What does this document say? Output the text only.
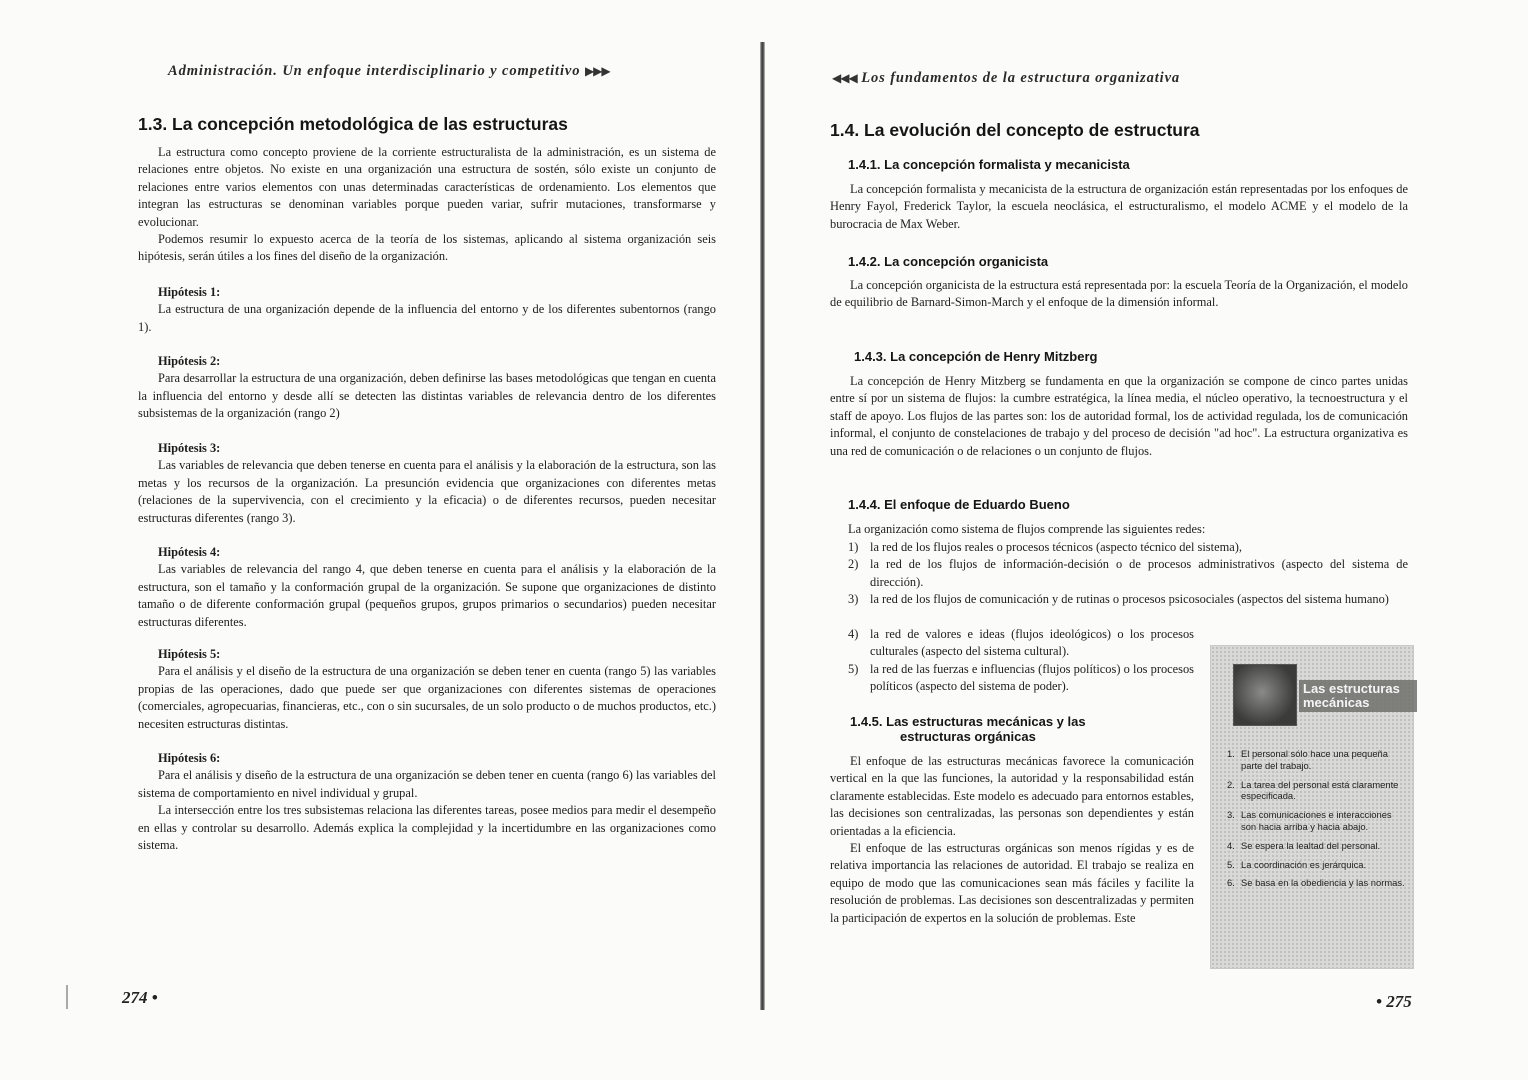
Administración. Un enfoque interdisciplinario y competitivo ▶▶▶
1.3. La concepción metodológica de las estructuras

La estructura como concepto proviene de la corriente estructuralista de la administración, es un sistema de relaciones entre objetos. No existe en una organización una estructura de sostén, sólo existe un conjunto de relaciones entre varios elementos con unas determinadas características de ordenamiento. Los elementos que integran las estructuras se denominan variables porque pueden variar, sufrir mutaciones, transformarse y evolucionar.

Podemos resumir lo expuesto acerca de la teoría de los sistemas, aplicando al sistema organización seis hipótesis, serán útiles a los fines del diseño de la organización.

Hipótesis 1:
La estructura de una organización depende de la influencia del entorno y de los diferentes subentornos (rango 1).
Hipótesis 2:
Para desarrollar la estructura de una organización, deben definirse las bases metodológicas que tengan en cuenta la influencia del entorno y desde allí se detecten las distintas variables de relevancia dentro de los diferentes subsistemas de la organización (rango 2)
Hipótesis 3:
Las variables de relevancia que deben tenerse en cuenta para el análisis y la elaboración de la estructura, son las metas y los recursos de la organización. La presunción evidencia que organizaciones con diferentes metas (relaciones de la supervivencia, con el crecimiento y la eficacia) o de diferentes recursos, pueden necesitar estructuras diferentes (rango 3).
Hipótesis 4:
Las variables de relevancia del rango 4, que deben tenerse en cuenta para el análisis y la elaboración de la estructura, son el tamaño y la conformación grupal de la organización. Se supone que organizaciones de distinto tamaño o de diferente conformación grupal (pequeños grupos, grupos primarios o secundarios) pueden necesitar estructuras diferentes.
Hipótesis 5:
Para el análisis y el diseño de la estructura de una organización se deben tener en cuenta (rango 5) las variables propias de las operaciones, dado que puede ser que organizaciones con diferentes sistemas de operaciones (comerciales, agropecuarias, financieras, etc., con o sin sucursales, de un solo producto o de muchos productos, etc.) necesiten estructuras distintas.
Hipótesis 6:
Para el análisis y diseño de la estructura de una organización se deben tener en cuenta (rango 6) las variables del sistema de comportamiento en nivel individual y grupal.

La intersección entre los tres subsistemas relaciona las diferentes tareas, posee medios para medir el desempeño en ellas y controlar su desarrollo. Además explica la complejidad y la incertidumbre en las organizaciones como sistema.

274 •
◀◀◀ Los fundamentos de la estructura organizativa
1.4. La evolución del concepto de estructura
1.4.1. La concepción formalista y mecanicista

La concepción formalista y mecanicista de la estructura de organización están representadas por los enfoques de Henry Fayol, Frederick Taylor, la escuela neoclásica, el estructuralismo, el modelo ACME y el modelo de la burocracia de Max Weber.

1.4.2. La concepción organicista

La concepción organicista de la estructura está representada por: la escuela Teoría de la Organización, el modelo de equilibrio de Barnard-Simon-March y el enfoque de la dimensión informal.

1.4.3. La concepción de Henry Mitzberg

La concepción de Henry Mitzberg se fundamenta en que la organización se compone de cinco partes unidas entre sí por un sistema de flujos: la cumbre estratégica, la línea media, el núcleo operativo, la tecnoestructura y el staff de apoyo. Los flujos de las partes son: los de autoridad formal, los de actividad regulada, los de comunicación informal, el conjunto de constelaciones de trabajo y del proceso de decisión "ad hoc". La estructura organizativa es una red de comunicación o de relaciones o un conjunto de flujos.

1.4.4. El enfoque de Eduardo Bueno

La organización como sistema de flujos comprende las siguientes redes:

1) la red de los flujos reales o procesos técnicos (aspecto técnico del sistema),
2) la red de los flujos de información-decisión o de procesos administrativos (aspecto del sistema de dirección).
3) la red de los flujos de comunicación y de rutinas o procesos psicosociales (aspectos del sistema humano)
4) la red de valores e ideas (flujos ideológicos) o los procesos culturales (aspecto del sistema cultural).
5) la red de las fuerzas e influencias (flujos políticos) o los procesos políticos (aspecto del sistema de poder).
1.4.5. Las estructuras mecánicas y las
estructuras orgánicas

El enfoque de las estructuras mecánicas favorece la comunicación vertical en la que las funciones, la autoridad y la responsabilidad están claramente establecidas. Este modelo es adecuado para entornos estables, las decisiones son centralizadas, las personas son dependientes y están orientadas a la eficiencia.

El enfoque de las estructuras orgánicas son menos rígidas y es de relativa importancia las relaciones de autoridad. El trabajo se realiza en equipo de modo que las comunicaciones sean más fáciles y facilite la resolución de problemas. Las decisiones son descentralizadas y permiten la participación de expertos en la solución de problemas. Este

• 275
Las estructuras mecánicas
1. El personal sólo hace una pequeña parte del trabajo.
2. La tarea del personal está claramente especificada.
3. Las comunicaciones e interacciones son hacia arriba y hacia abajo.
4. Se espera la lealtad del personal.
5. La coordinación es jerárquica.
6. Se basa en la obediencia y las normas.
